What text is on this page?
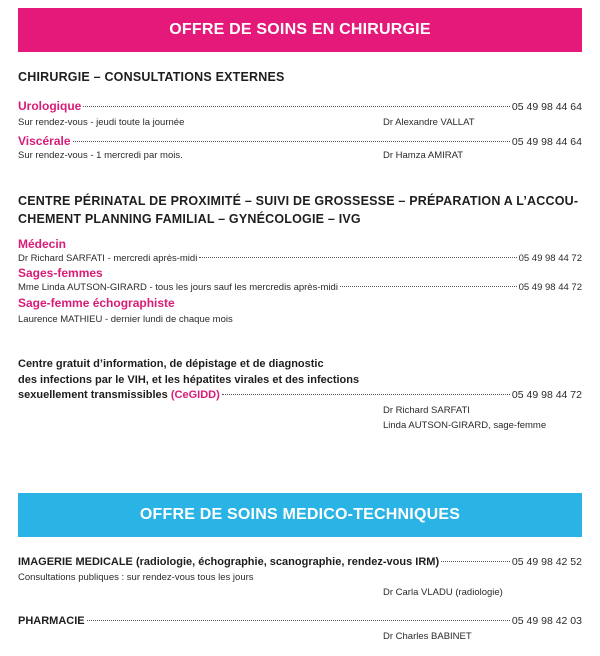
OFFRE DE SOINS EN CHIRURGIE
CHIRURGIE – CONSULTATIONS EXTERNES
Urologique	05 49 98 44 64
Sur rendez-vous - jeudi toute la journée	Dr Alexandre VALLAT
Viscérale	05 49 98 44 64
Sur rendez-vous - 1 mercredi par mois.	Dr Hamza AMIRAT
CENTRE PÉRINATAL DE PROXIMITÉ – SUIVI DE GROSSESSE – PRÉPARATION A L’ACCOU-
CHEMENT PLANNING FAMILIAL – GYNÉCOLOGIE – IVG
Médecin
Dr Richard SARFATI - mercredi après-midi	05 49 98 44 72
Sages-femmes
Mme Linda AUTSON-GIRARD - tous les jours sauf les mercredis après-midi	05 49 98 44 72
Sage-femme échographiste
Laurence MATHIEU - dernier lundi de chaque mois
Centre gratuit d’information, de dépistage et de diagnostic
des infections par le VIH, et les hépatites virales et des infections
sexuellement transmissibles (CeGIDD)	05 49 98 44 72
Dr Richard SARFATI
Linda AUTSON-GIRARD, sage-femme
OFFRE DE SOINS MEDICO-TECHNIQUES
IMAGERIE MEDICALE (radiologie, échographie, scanographie, rendez-vous IRM)	05 49 98 42 52
Consultations publiques : sur rendez-vous tous les jours
Dr Carla VLADU (radiologie)
PHARMACIE	05 49 98 42 03
Dr Charles BABINET
